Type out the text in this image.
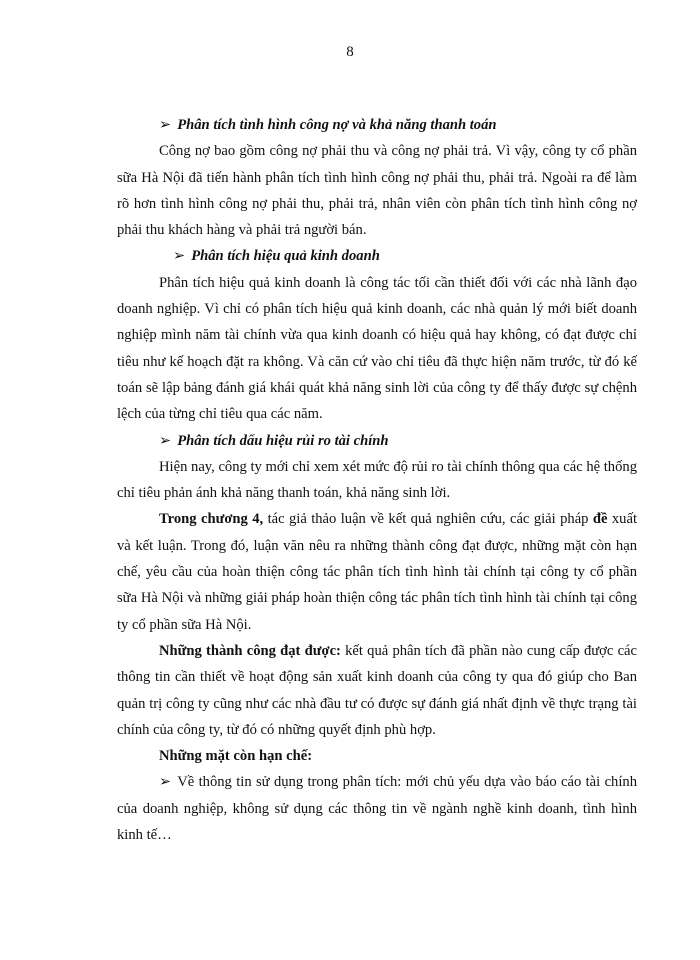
8

➢ Phân tích tình hình công nợ và khả năng thanh toán

Công nợ bao gồm công nợ phải thu và công nợ phải trả. Vì vậy, công ty cổ phần sữa Hà Nội đã tiến hành phân tích tình hình công nợ phải thu, phải trả. Ngoài ra để làm rõ hơn tình hình công nợ phải thu, phải trả, nhân viên còn phân tích tình hình công nợ phải thu khách hàng và phải trả người bán.

➢ Phân tích hiệu quả kinh doanh

Phân tích hiệu quả kinh doanh là công tác tối cần thiết đối với các nhà lãnh đạo doanh nghiệp. Vì chỉ có phân tích hiệu quả kinh doanh, các nhà quản lý mới biết doanh nghiệp mình năm tài chính vừa qua kinh doanh có hiệu quả hay không, có đạt được chỉ tiêu như kế hoạch đặt ra không. Và căn cứ vào chỉ tiêu đã thực hiện năm trước, từ đó kế toán sẽ lập bảng đánh giá khái quát khả năng sinh lời của công ty để thấy được sự chệnh lệch của từng chỉ tiêu qua các năm.

➢ Phân tích dấu hiệu rủi ro tài chính

Hiện nay, công ty mới chỉ xem xét mức độ rủi ro tài chính thông qua các hệ thống chỉ tiêu phản ánh khả năng thanh toán, khả năng sinh lời.

Trong chương 4, tác giả thảo luận về kết quả nghiên cứu, các giải pháp đề xuất và kết luận. Trong đó, luận văn nêu ra những thành công đạt được, những mặt còn hạn chế, yêu cầu của hoàn thiện công tác phân tích tình hình tài chính tại công ty cổ phần sữa Hà Nội và những giải pháp hoàn thiện công tác phân tích tình hình tài chính tại công ty cổ phần sữa Hà Nội.

Những thành công đạt được: kết quả phân tích đã phần nào cung cấp được các thông tin cần thiết về hoạt động sản xuất kinh doanh của công ty qua đó giúp cho Ban quản trị công ty cũng như các nhà đầu tư có được sự đánh giá nhất định về thực trạng tài chính của công ty, từ đó có những quyết định phù hợp.

Những mặt còn hạn chế:

➢ Về thông tin sử dụng trong phân tích: mới chủ yếu dựa vào báo cáo tài chính của doanh nghiệp, không sử dụng các thông tin về ngành nghề kinh doanh, tình hình kinh tế…
